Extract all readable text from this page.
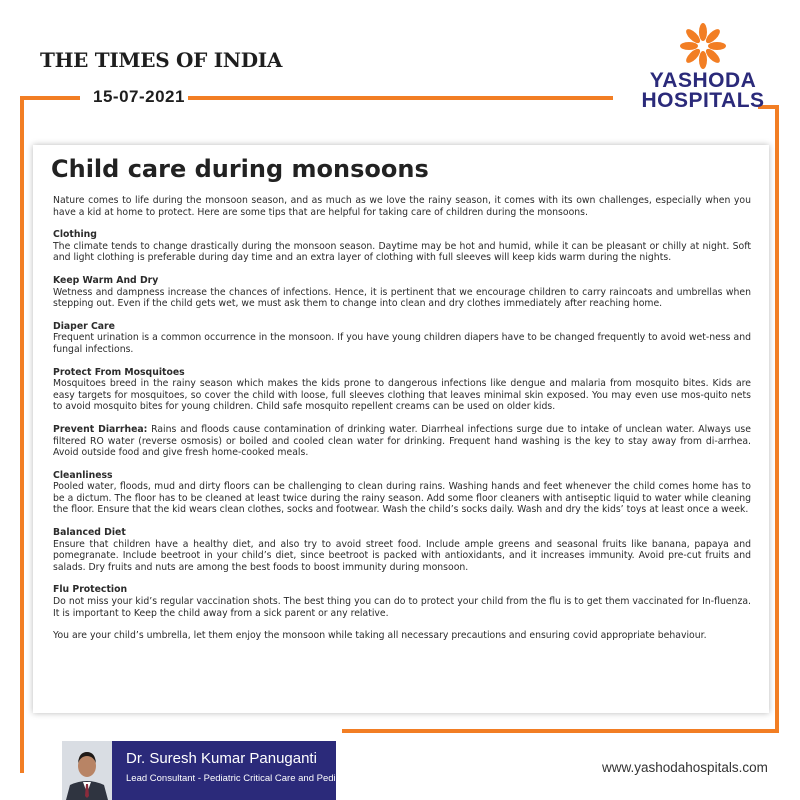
THE TIMES OF INDIA
15-07-2021
YASHODA
HOSPITALS
Child care during monsoons

Nature comes to life during the monsoon season, and as much as we love the rainy season, it comes with its own challenges, especially when you have a kid at home to protect. Here are some tips that are helpful for taking care of children during the monsoons.

Clothing
The climate tends to change drastically during the monsoon season. Daytime may be hot and humid, while it can be pleasant or chilly at night. Soft and light clothing is preferable during day time and an extra layer of clothing with full sleeves will keep kids warm during the nights.

Keep Warm And Dry
Wetness and dampness increase the chances of infections. Hence, it is pertinent that we encourage children to carry raincoats and umbrellas when stepping out. Even if the child gets wet, we must ask them to change into clean and dry clothes immediately after reaching home.

Diaper Care
Frequent urination is a common occurrence in the monsoon. If you have young children diapers have to be changed frequently to avoid wet-ness and fungal infections.

Protect From Mosquitoes
Mosquitoes breed in the rainy season which makes the kids prone to dangerous infections like dengue and malaria from mosquito bites. Kids are easy targets for mosquitoes, so cover the child with loose, full sleeves clothing that leaves minimal skin exposed. You may even use mos-quito nets to avoid mosquito bites for young children. Child safe mosquito repellent creams can be used on older kids.

Prevent Diarrhea: Rains and floods cause contamination of drinking water. Diarrheal infections surge due to intake of unclean water. Always use filtered RO water (reverse osmosis) or boiled and cooled clean water for drinking. Frequent hand washing is the key to stay away from di-arrhea. Avoid outside food and give fresh home-cooked meals.

Cleanliness
Pooled water, floods, mud and dirty floors can be challenging to clean during rains. Washing hands and feet whenever the child comes home has to be a dictum. The floor has to be cleaned at least twice during the rainy season. Add some floor cleaners with antiseptic liquid to water while cleaning the floor. Ensure that the kid wears clean clothes, socks and footwear. Wash the child’s socks daily. Wash and dry the kids’ toys at least once a week.

Balanced Diet
Ensure that children have a healthy diet, and also try to avoid street food. Include ample greens and seasonal fruits like banana, papaya and pomegranate. Include beetroot in your child’s diet, since beetroot is packed with antioxidants, and it increases immunity. Avoid pre-cut fruits and salads. Dry fruits and nuts are among the best foods to boost immunity during monsoon.

Flu Protection
Do not miss your kid’s regular vaccination shots. The best thing you can do to protect your child from the flu is to get them vaccinated for In-fluenza. It is important to Keep the child away from a sick parent or any relative.

You are your child’s umbrella, let them enjoy the monsoon while taking all necessary precautions and ensuring covid appropriate behaviour.

Dr. Suresh Kumar Panuganti
Lead Consultant - Pediatric Critical Care and Pediatrics
www.yashodahospitals.com
